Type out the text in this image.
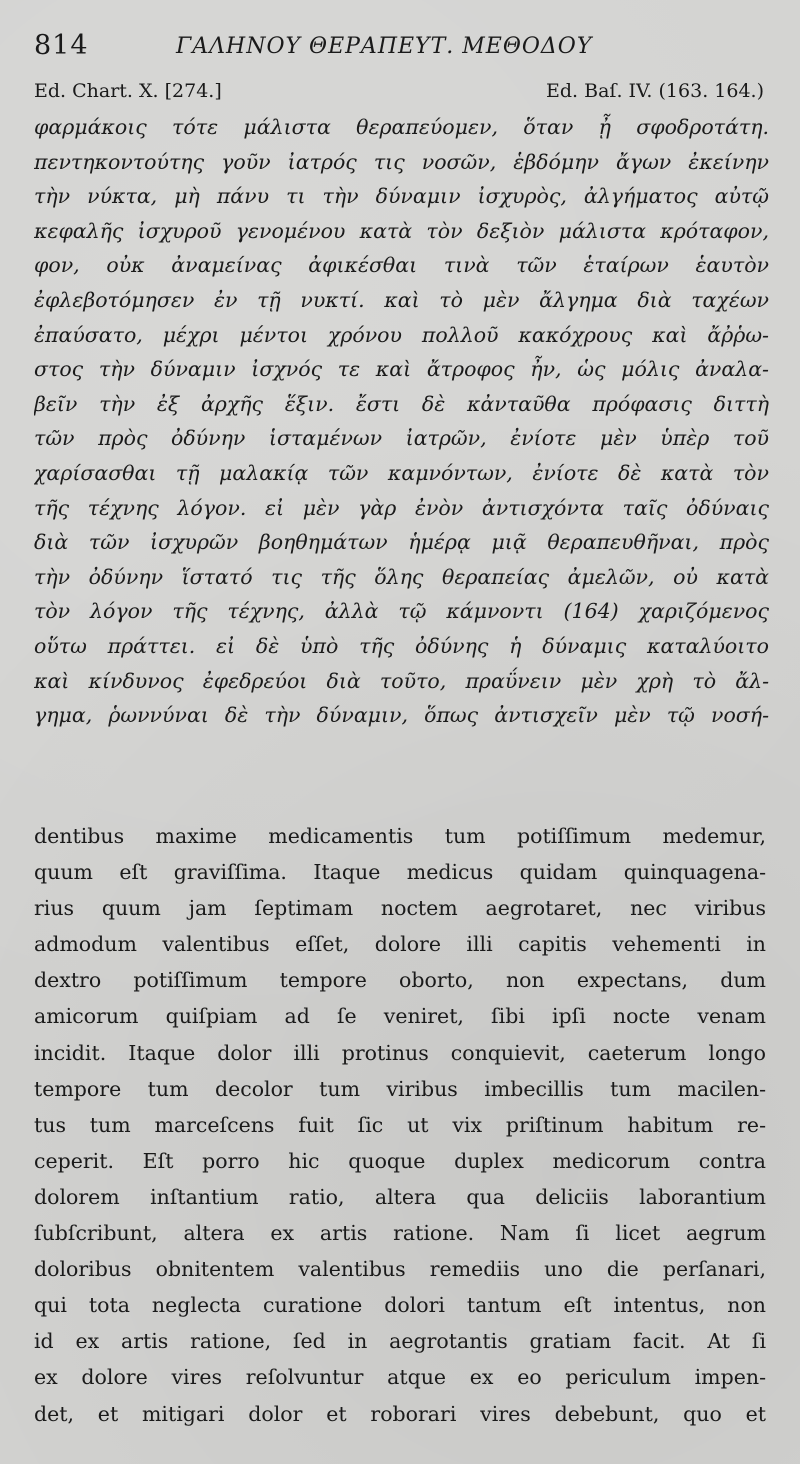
814	ΓΑΛΗΝΟΥ ΘΕΡΑΠΕΥΤ. ΜΕΘΟΔΟΥ
Ed. Chart. X. [274.]	Ed. Baſ. IV. (163. 164.)
φαρμάκοις τότε μάλιστα θεραπεύομεν, ὅταν ᾖ σφοδροτάτη.
πεντηκοντούτης γοῦν ἰατρός τις νοσῶν, ἑβδόμην ἄγων ἐκείνην
τὴν νύκτα, μὴ πάνυ τι τὴν δύναμιν ἰσχυρὸς, ἀλγήματος αὐτῷ
κεφαλῆς ἰσχυροῦ γενομένου κατὰ τὸν δεξιὸν μάλιστα κρόταφον,
φον, οὐκ ἀναμείνας ἀφικέσθαι τινὰ τῶν ἑταίρων ἑαυτὸν
ἐφλεβοτόμησεν ἐν τῇ νυκτί. καὶ τὸ μὲν ἄλγημα διὰ ταχέων
ἐπαύσατο, μέχρι μέντοι χρόνου πολλοῦ κακόχρους καὶ ἄῤῥω-
στος τὴν δύναμιν ἰσχνός τε καὶ ἄτροφος ἦν, ὡς μόλις ἀναλα-
βεῖν τὴν ἐξ ἀρχῆς ἕξιν. ἔστι δὲ κἀνταῦθα πρόφασις διττὴ
τῶν πρὸς ὀδύνην ἱσταμένων ἰατρῶν, ἐνίοτε μὲν ὑπὲρ τοῦ
χαρίσασθαι τῇ μαλακίᾳ τῶν καμνόντων, ἐνίοτε δὲ κατὰ τὸν
τῆς τέχνης λόγον. εἰ μὲν γὰρ ἐνὸν ἀντισχόντα ταῖς ὀδύναις
διὰ τῶν ἰσχυρῶν βοηθημάτων ἡμέρᾳ μιᾷ θεραπευθῆναι, πρὸς
τὴν ὀδύνην ἵστατό τις τῆς ὅλης θεραπείας ἀμελῶν, οὐ κατὰ
τὸν λόγον τῆς τέχνης, ἀλλὰ τῷ κάμνοντι (164) χαριζόμενος
οὕτω πράττει. εἰ δὲ ὑπὸ τῆς ὀδύνης ἡ δύναμις καταλύοιτο
καὶ κίνδυνος ἐφεδρεύοι διὰ τοῦτο, πραΰνειν μὲν χρὴ τὸ ἄλ-
γημα, ῥωννύναι δὲ τὴν δύναμιν, ὅπως ἀντισχεῖν μὲν τῷ νοσή-
dentibus maxime medicamentis tum potiſſimum medemur,
quum eſt graviſſima. Itaque medicus quidam quinquagena-
rius quum jam ſeptimam noctem aegrotaret, nec viribus
admodum valentibus eſſet, dolore illi capitis vehementi in
dextro potiſſimum tempore oborto, non expectans, dum
amicorum quiſpiam ad ſe veniret, ſibi ipſi nocte venam
incidit. Itaque dolor illi protinus conquievit, caeterum longo
tempore tum decolor tum viribus imbecillis tum macilen-
tus tum marceſcens fuit ſic ut vix priſtinum habitum re-
ceperit. Eſt porro hic quoque duplex medicorum contra
dolorem inſtantium ratio, altera qua deliciis laborantium
ſubſcribunt, altera ex artis ratione. Nam ſi licet aegrum
doloribus obnitentem valentibus remediis uno die perſanari,
qui tota neglecta curatione dolori tantum eſt intentus, non
id ex artis ratione, ſed in aegrotantis gratiam facit. At ſi
ex dolore vires reſolvuntur atque ex eo periculum impen-
det, et mitigari dolor et roborari vires debebunt, quo et
